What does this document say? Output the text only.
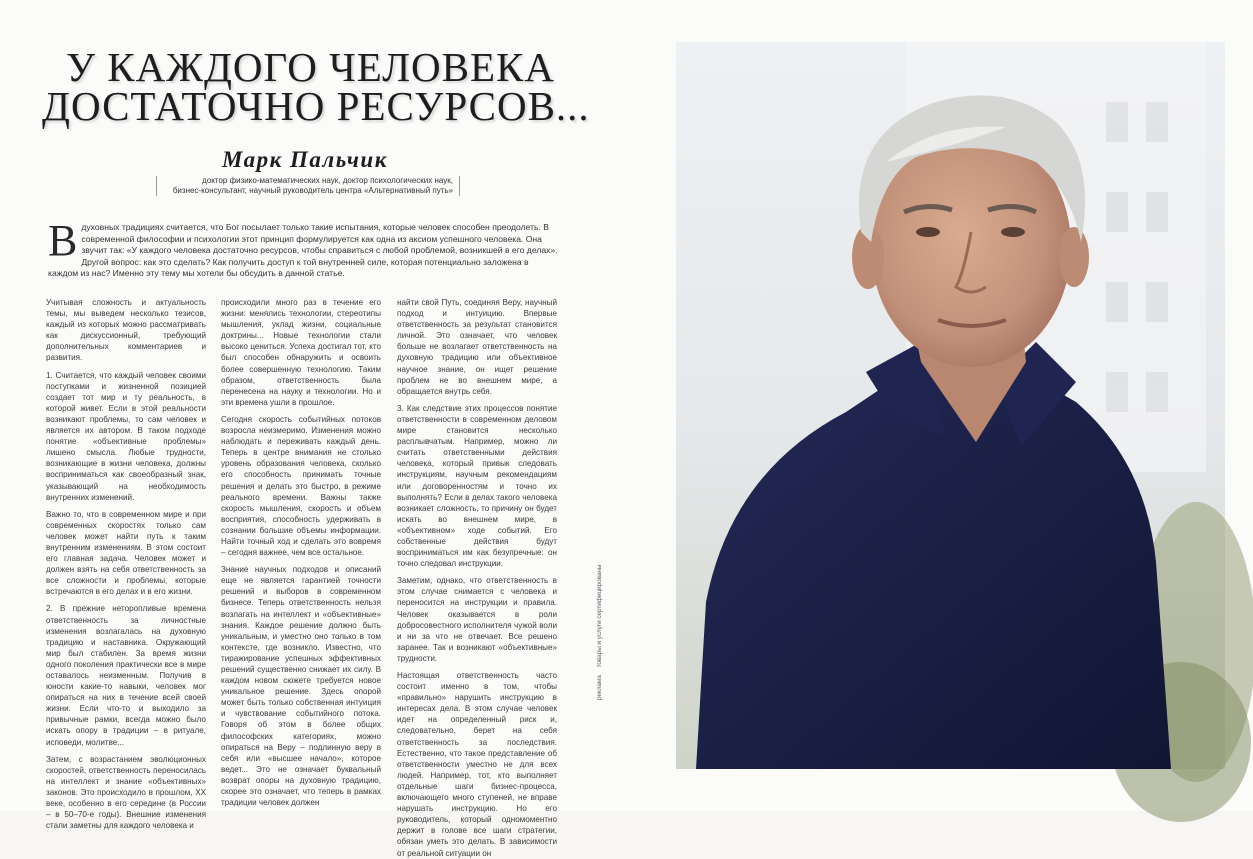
У КАЖДОГО ЧЕЛОВЕКА
ДОСТАТОЧНО РЕСУРСОВ...
Марк Пальчик
доктор физико-математических наук, доктор психологических наук,
бизнес-консультант, научный руководитель центра «Альтернативный путь»
В духовных традициях считается, что Бог посылает только такие испытания, которые человек способен преодолеть. В современной философии и психологии этот принцип формулируется как одна из аксиом успешного человека. Она звучит так: «У каждого человека достаточно ресурсов, чтобы справиться с любой проблемой, возникшей в его делах». Другой вопрос: как это сделать? Как получить доступ к той внутренней силе, которая потенциально заложена в каждом из нас? Именно эту тему мы хотели бы обсудить в данной статье.

Учитывая сложность и актуальность темы, мы выведем несколько тезисов, каждый из которых можно рассматривать как дискуссионный, требующий дополнительных комментариев и развития.

1. Считается, что каждый человек своими поступками и жизненной позицией создает тот мир и ту реальность, в которой живет. Если в этой реальности возникают проблемы, то сам человек и является их автором. В таком подходе понятие «объективные проблемы» лишено смысла. Любые трудности, возникающие в жизни человека, должны восприниматься как своеобразный знак, указывающий на необходимость внутренних изменений.

Важно то, что в современном мире и при современных скоростях только сам человек может найти путь к таким внутренним изменениям. В этом состоит его главная задача. Человек может и должен взять на себя ответственность за все сложности и проблемы, которые встречаются в его делах и в его жизни.

2. В прежние неторопливые времена ответственность за личностные изменения возлагалась на духовную традицию и наставника. Окружающий мир был стабилен. За время жизни одного поколения практически все в мире оставалось неизменным. Получив в юности какие-то навыки, человек мог опираться на них в течение всей своей жизни. Если что-то и выходило за привычные рамки, всегда можно было искать опору в традиции – в ритуале, исповеди, молитве...

Затем, с возрастанием эволюционных скоростей, ответственность переносилась на интеллект и знание «объективных» законов. Это происходило в прошлом, XX веке, особенно в его середине (в России – в 50–70-е годы). Внешние изменения стали заметны для каждого человека и

происходили много раз в течение его жизни: менялись технологии, стереотипы мышления, уклад жизни, социальные доктрины... Новые технологии стали высоко цениться. Успеха достигал тот, кто был способен обнаружить и освоить более совершенную технологию. Таким образом, ответственность была перенесена на науку и технологии. Но и эти времена ушли в прошлое.

Сегодня скорость событийных потоков возросла неизмеримо. Изменения можно наблюдать и переживать каждый день. Теперь в центре внимания не столько уровень образования человека, сколько его способность принимать точные решения и делать это быстро, в режиме реального времени. Важны также скорость мышления, скорость и объем восприятия, способность удерживать в сознании большие объемы информации. Найти точный ход и сделать это вовремя – сегодня важнее, чем все остальное.

Знание научных подходов и описаний еще не является гарантией точности решений и выборов в современном бизнесе. Теперь ответственность нельзя возлагать на интеллект и «объективные» знания. Каждое решение должно быть уникальным, и уместно оно только в том контексте, где возникло. Известно, что тиражирование успешных эффективных решений существенно снижает их силу. В каждом новом сюжете требуется новое уникальное решение. Здесь опорой может быть только собственная интуиция и чувствование событийного потока. Говоря об этом в более общих философских категориях, можно опираться на Веру – подлинную веру в себя или «высшее начало», которое ведет... Это не означает буквальный возврат опоры на духовную традицию, скорее это означает, что теперь в рамках традиции человек должен

найти свой Путь, соединяя Веру, научный подход и интуицию. Впервые ответственность за результат становится личной. Это означает, что человек больше не возлагает ответственность на духовную традицию или объективное научное знание, он ищет решение проблем не во внешнем мире, а обращается внутрь себя.

3. Как следствие этих процессов понятие ответственности в современном деловом мире становится несколько расплывчатым. Например, можно ли считать ответственными действия человека, который привык следовать инструкциям, научным рекомендациям или договоренностям и точно их выполнять? Если в делах такого человека возникает сложность, то причину он будет искать во внешнем мире, в «объективном» ходе событий. Его собственные действия будут восприниматься им как безупречные: он точно следовал инструкции.

Заметим, однако, что ответственность в этом случае снимается с человека и переносится на инструкции и правила. Человек оказывается в роли добросовестного исполнителя чужой воли и ни за что не отвечает. Все решено заранее. Так и возникают «объективные» трудности.

Настоящая ответственность часто состоит именно в том, чтобы «правильно» нарушить инструкцию в интересах дела. В этом случае человек идет на определенный риск и, следовательно, берет на себя ответственность за последствия. Естественно, что такое представление об ответственности уместно не для всех людей. Например, тот, кто выполняет отдельные шаги бизнес-процесса, включающего много ступеней, не вправе нарушать инструкцию. Но его руководитель, который одномоментно держит в голове все шаги стратегии, обязан уметь это делать. В зависимости от реальной ситуации он

реклама товары и услуги сертифицированы
